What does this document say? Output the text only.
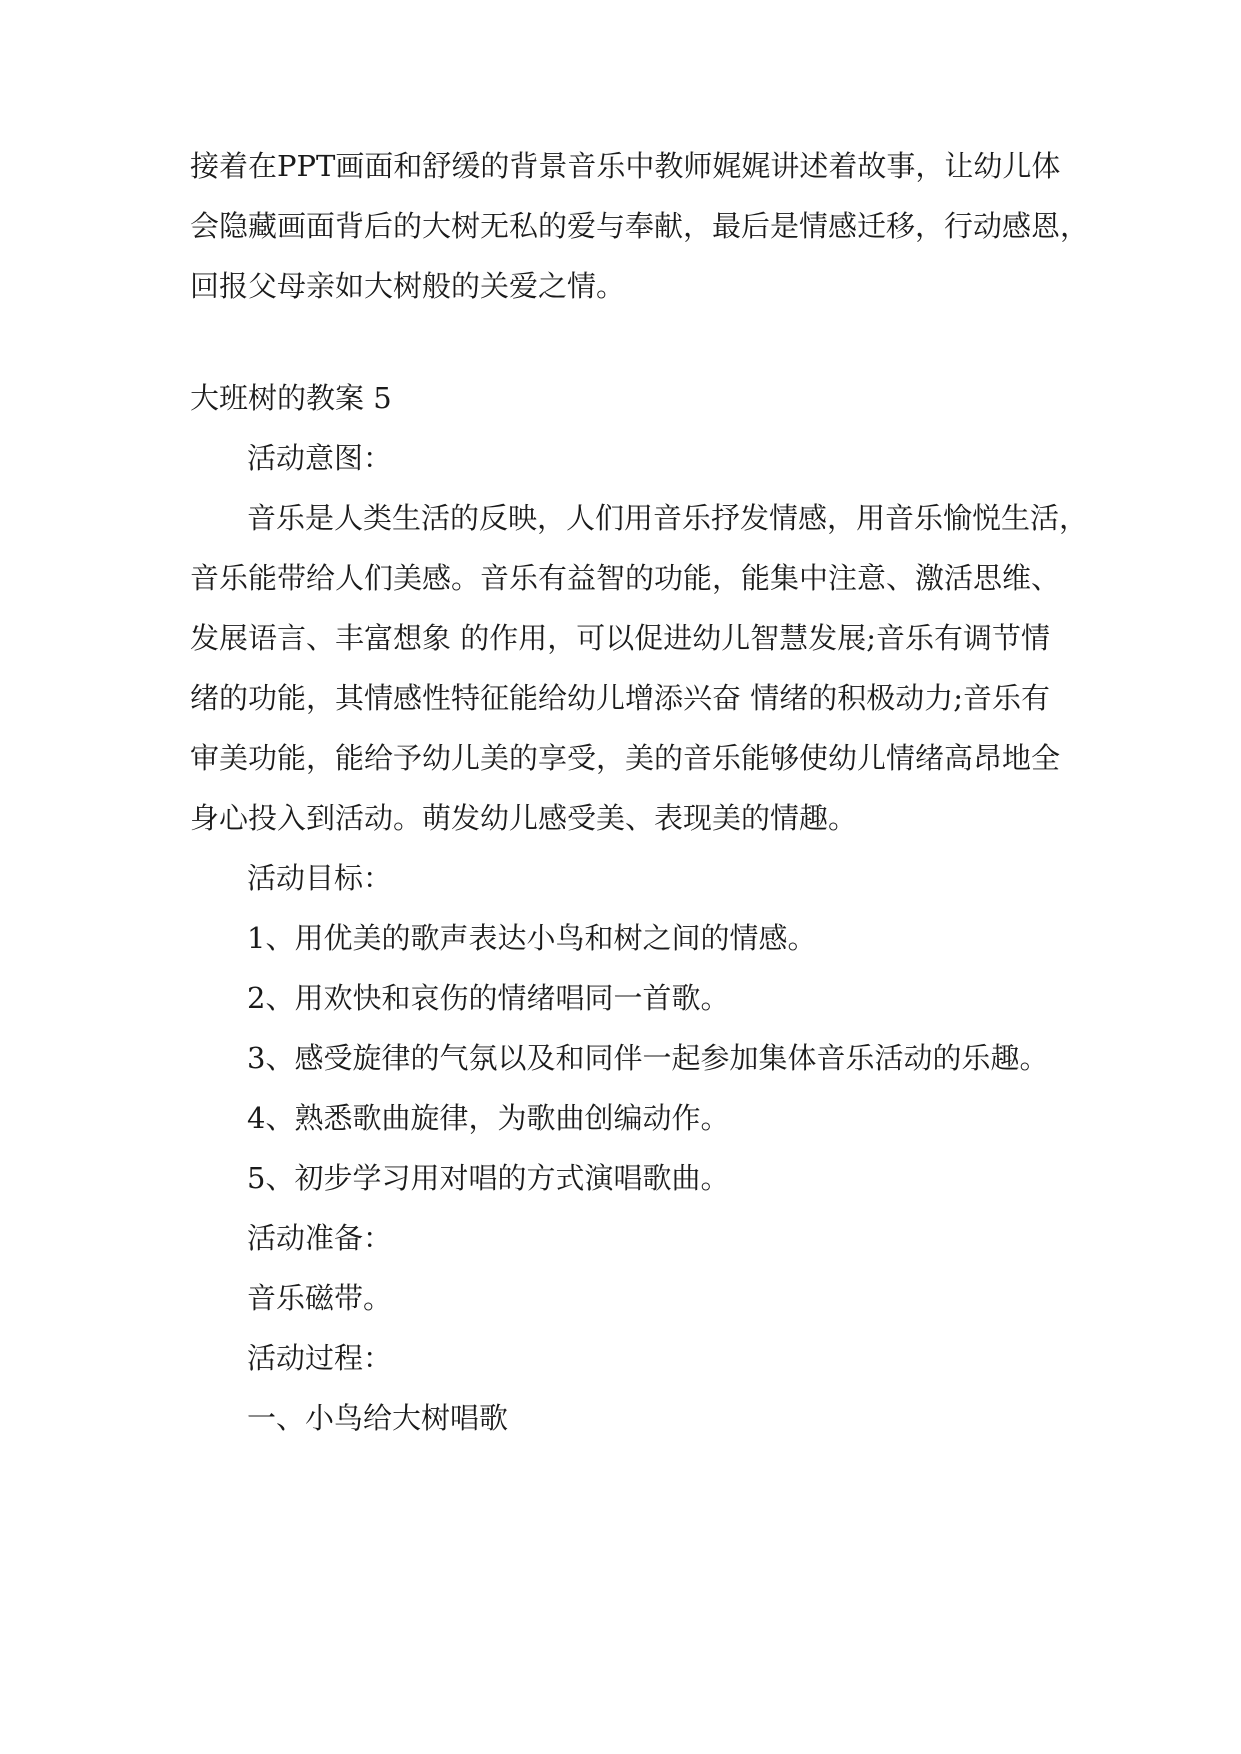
接着在PPT画面和舒缓的背景音乐中教师娓娓讲述着故事，让幼儿体
会隐藏画面背后的大树无私的爱与奉献，最后是情感迁移，行动感恩，
回报父母亲如大树般的关爱之情。
大班树的教案 5
活动意图：
音乐是人类生活的反映，人们用音乐抒发情感，用音乐愉悦生活，
音乐能带给人们美感。音乐有益智的功能，能集中注意、激活思维、
发展语言、丰富想象 的作用，可以促进幼儿智慧发展;音乐有调节情
绪的功能，其情感性特征能给幼儿增添兴奋 情绪的积极动力;音乐有
审美功能，能给予幼儿美的享受，美的音乐能够使幼儿情绪高昂地全
身心投入到活动。萌发幼儿感受美、表现美的情趣。
活动目标：
1、用优美的歌声表达小鸟和树之间的情感。
2、用欢快和哀伤的情绪唱同一首歌。
3、感受旋律的气氛以及和同伴一起参加集体音乐活动的乐趣。
4、熟悉歌曲旋律，为歌曲创编动作。
5、初步学习用对唱的方式演唱歌曲。
活动准备：
音乐磁带。
活动过程：
一、小鸟给大树唱歌
